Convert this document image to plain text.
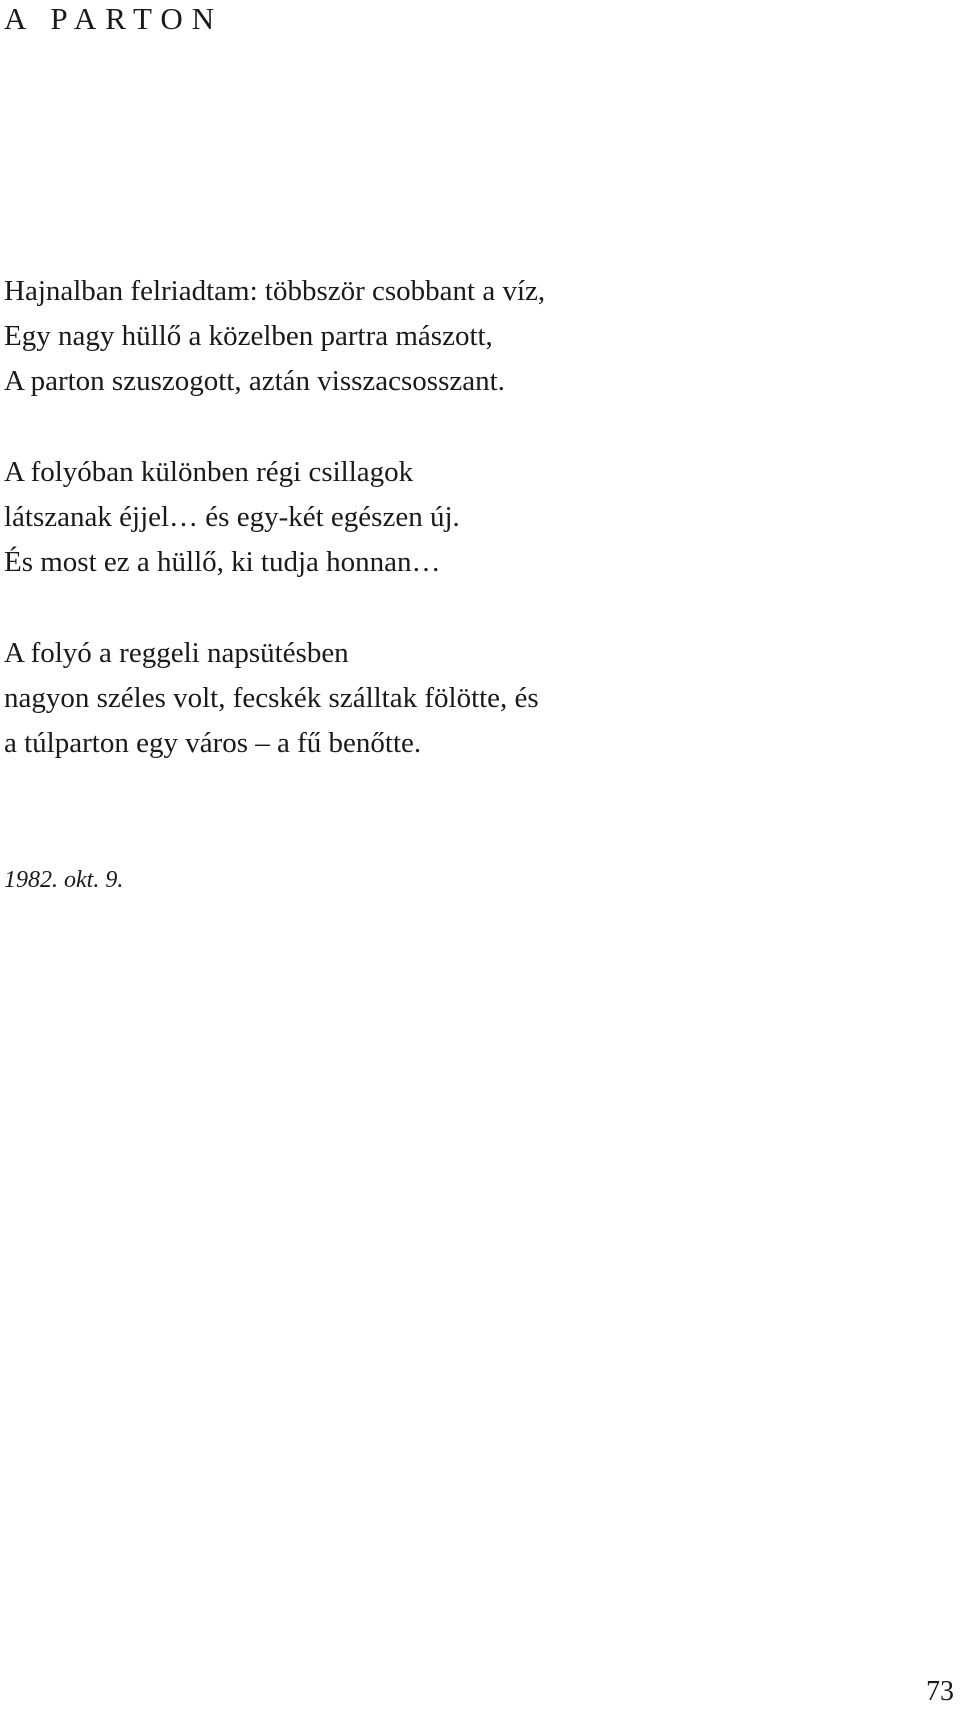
A PARTON
Hajnalban felriadtam: többször csobbant a víz,
Egy nagy hüllő a közelben partra mászott,
A parton szuszogott, aztán visszacsosszant.
A folyóban különben régi csillagok
látszanak éjjel… és egy-két egészen új.
És most ez a hüllő, ki tudja honnan…
A folyó a reggeli napsütésben
nagyon széles volt, fecskék szálltak fölötte, és
a túlparton egy város – a fű benőtte.
1982. okt. 9.
73
